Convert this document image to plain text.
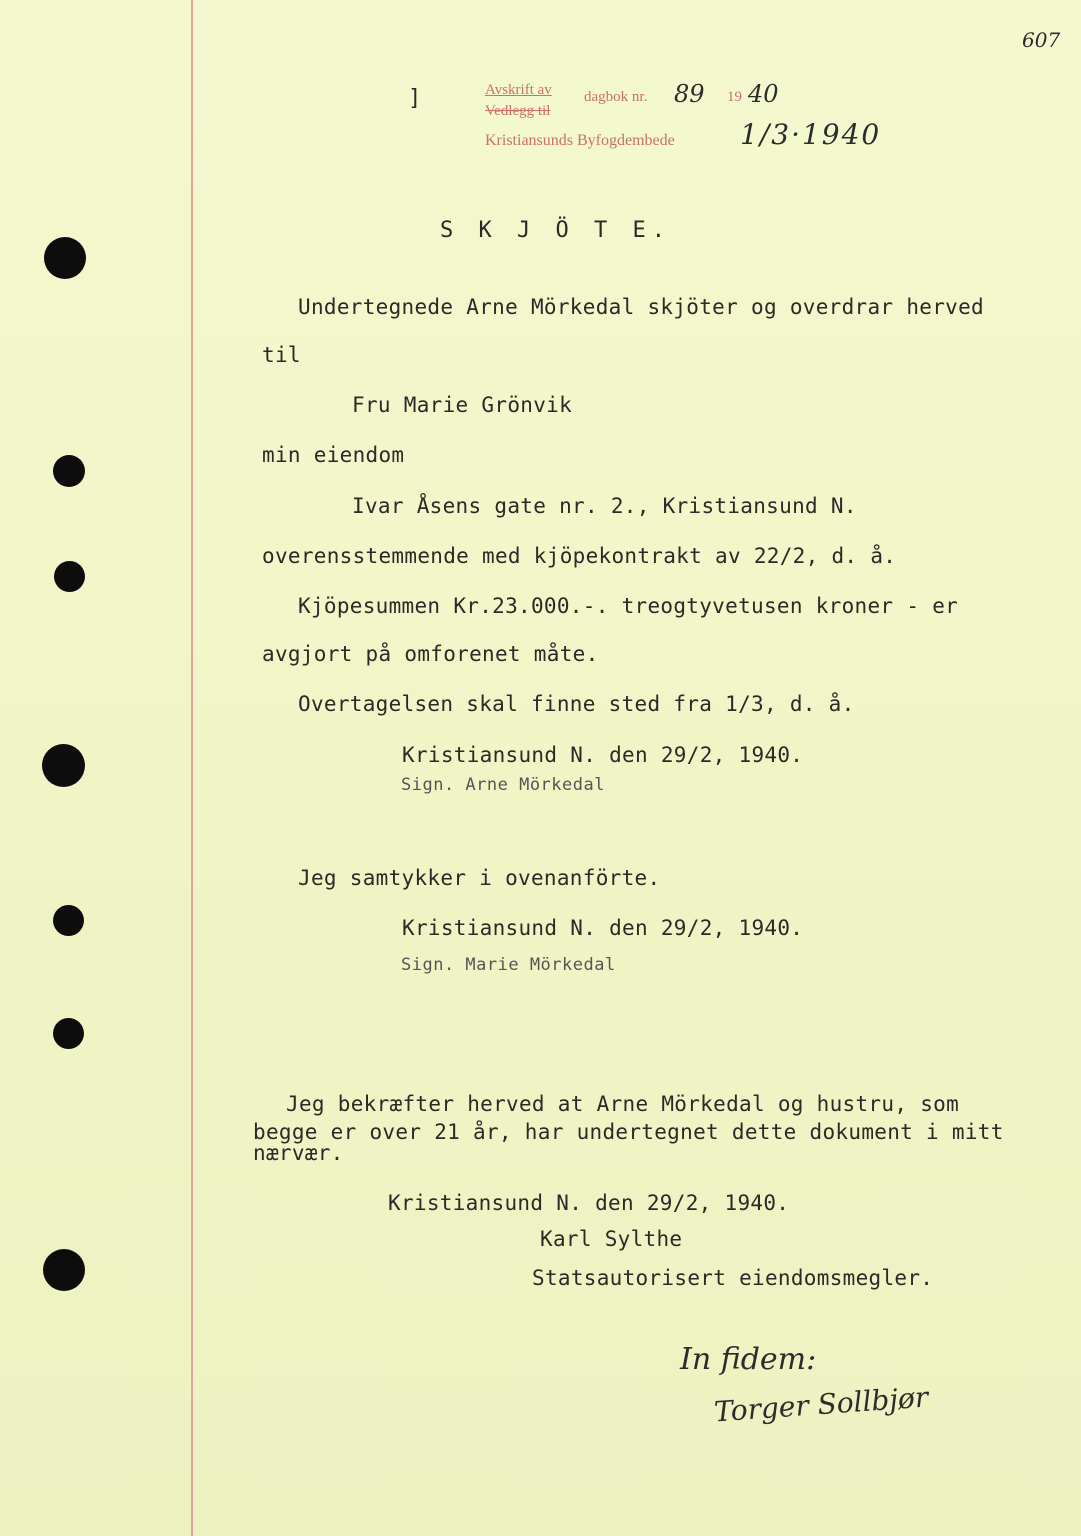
607
]	Avskrift av dagbok nr. 89 19 40
Vedlegg til
Kristiansunds Byfogdembede 1/3·1940
S K J Ö T E.
Undertegnede Arne Mörkedal skjöter og overdrar herved
til
Fru Marie Grönvik
min eiendom
Ivar Åsens gate nr. 2., Kristiansund N.
overensstemmende med kjöpekontrakt av 22/2, d. å.
Kjöpesummen Kr.23.000.-. treogtyvetusen kroner - er
avgjort på omforenet måte.
Overtagelsen skal finne sted fra 1/3, d. å.
Kristiansund N. den 29/2, 1940.
Sign. Arne Mörkedal
Jeg samtykker i ovenanförte.
Kristiansund N. den 29/2, 1940.
Sign. Marie Mörkedal
Jeg bekræfter herved at Arne Mörkedal og hustru, som
begge er over 21 år, har undertegnet dette dokument i mitt
nærvær.
Kristiansund N. den 29/2, 1940.
Karl Sylthe
Statsautorisert eiendomsmegler.
In fidem:
Torger Sollbjør
